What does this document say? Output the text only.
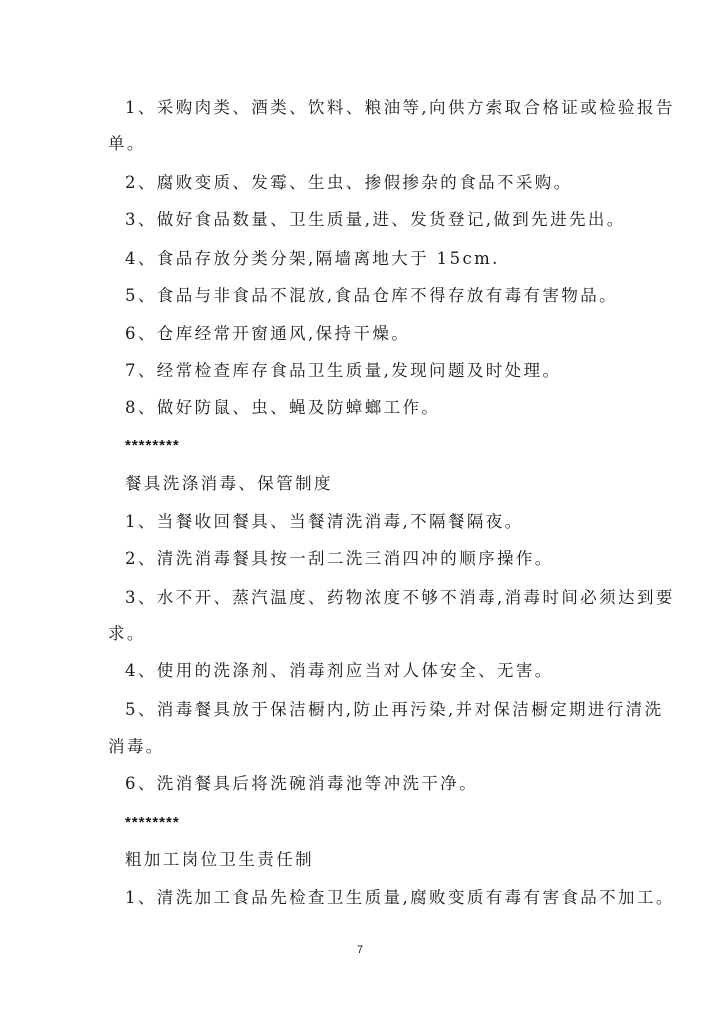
1、采购肉类、酒类、饮料、粮油等,向供方索取合格证或检验报告
单。
2、腐败变质、发霉、生虫、掺假掺杂的食品不采购。
3、做好食品数量、卫生质量,进、发货登记,做到先进先出。
4、食品存放分类分架,隔墙离地大于 15cm.
5、食品与非食品不混放,食品仓库不得存放有毒有害物品。
6、仓库经常开窗通风,保持干燥。
7、经常检查库存食品卫生质量,发现问题及时处理。
8、做好防鼠、虫、蝇及防蟑螂工作。
********
餐具洗涤消毒、保管制度
1、当餐收回餐具、当餐清洗消毒,不隔餐隔夜。
2、清洗消毒餐具按一刮二洗三消四冲的顺序操作。
3、水不开、蒸汽温度、药物浓度不够不消毒,消毒时间必须达到要
求。
4、使用的洗涤剂、消毒剂应当对人体安全、无害。
5、消毒餐具放于保洁橱内,防止再污染,并对保洁橱定期进行清洗
消毒。
6、洗消餐具后将洗碗消毒池等冲洗干净。
********
粗加工岗位卫生责任制
1、清洗加工食品先检查卫生质量,腐败变质有毒有害食品不加工。
7
